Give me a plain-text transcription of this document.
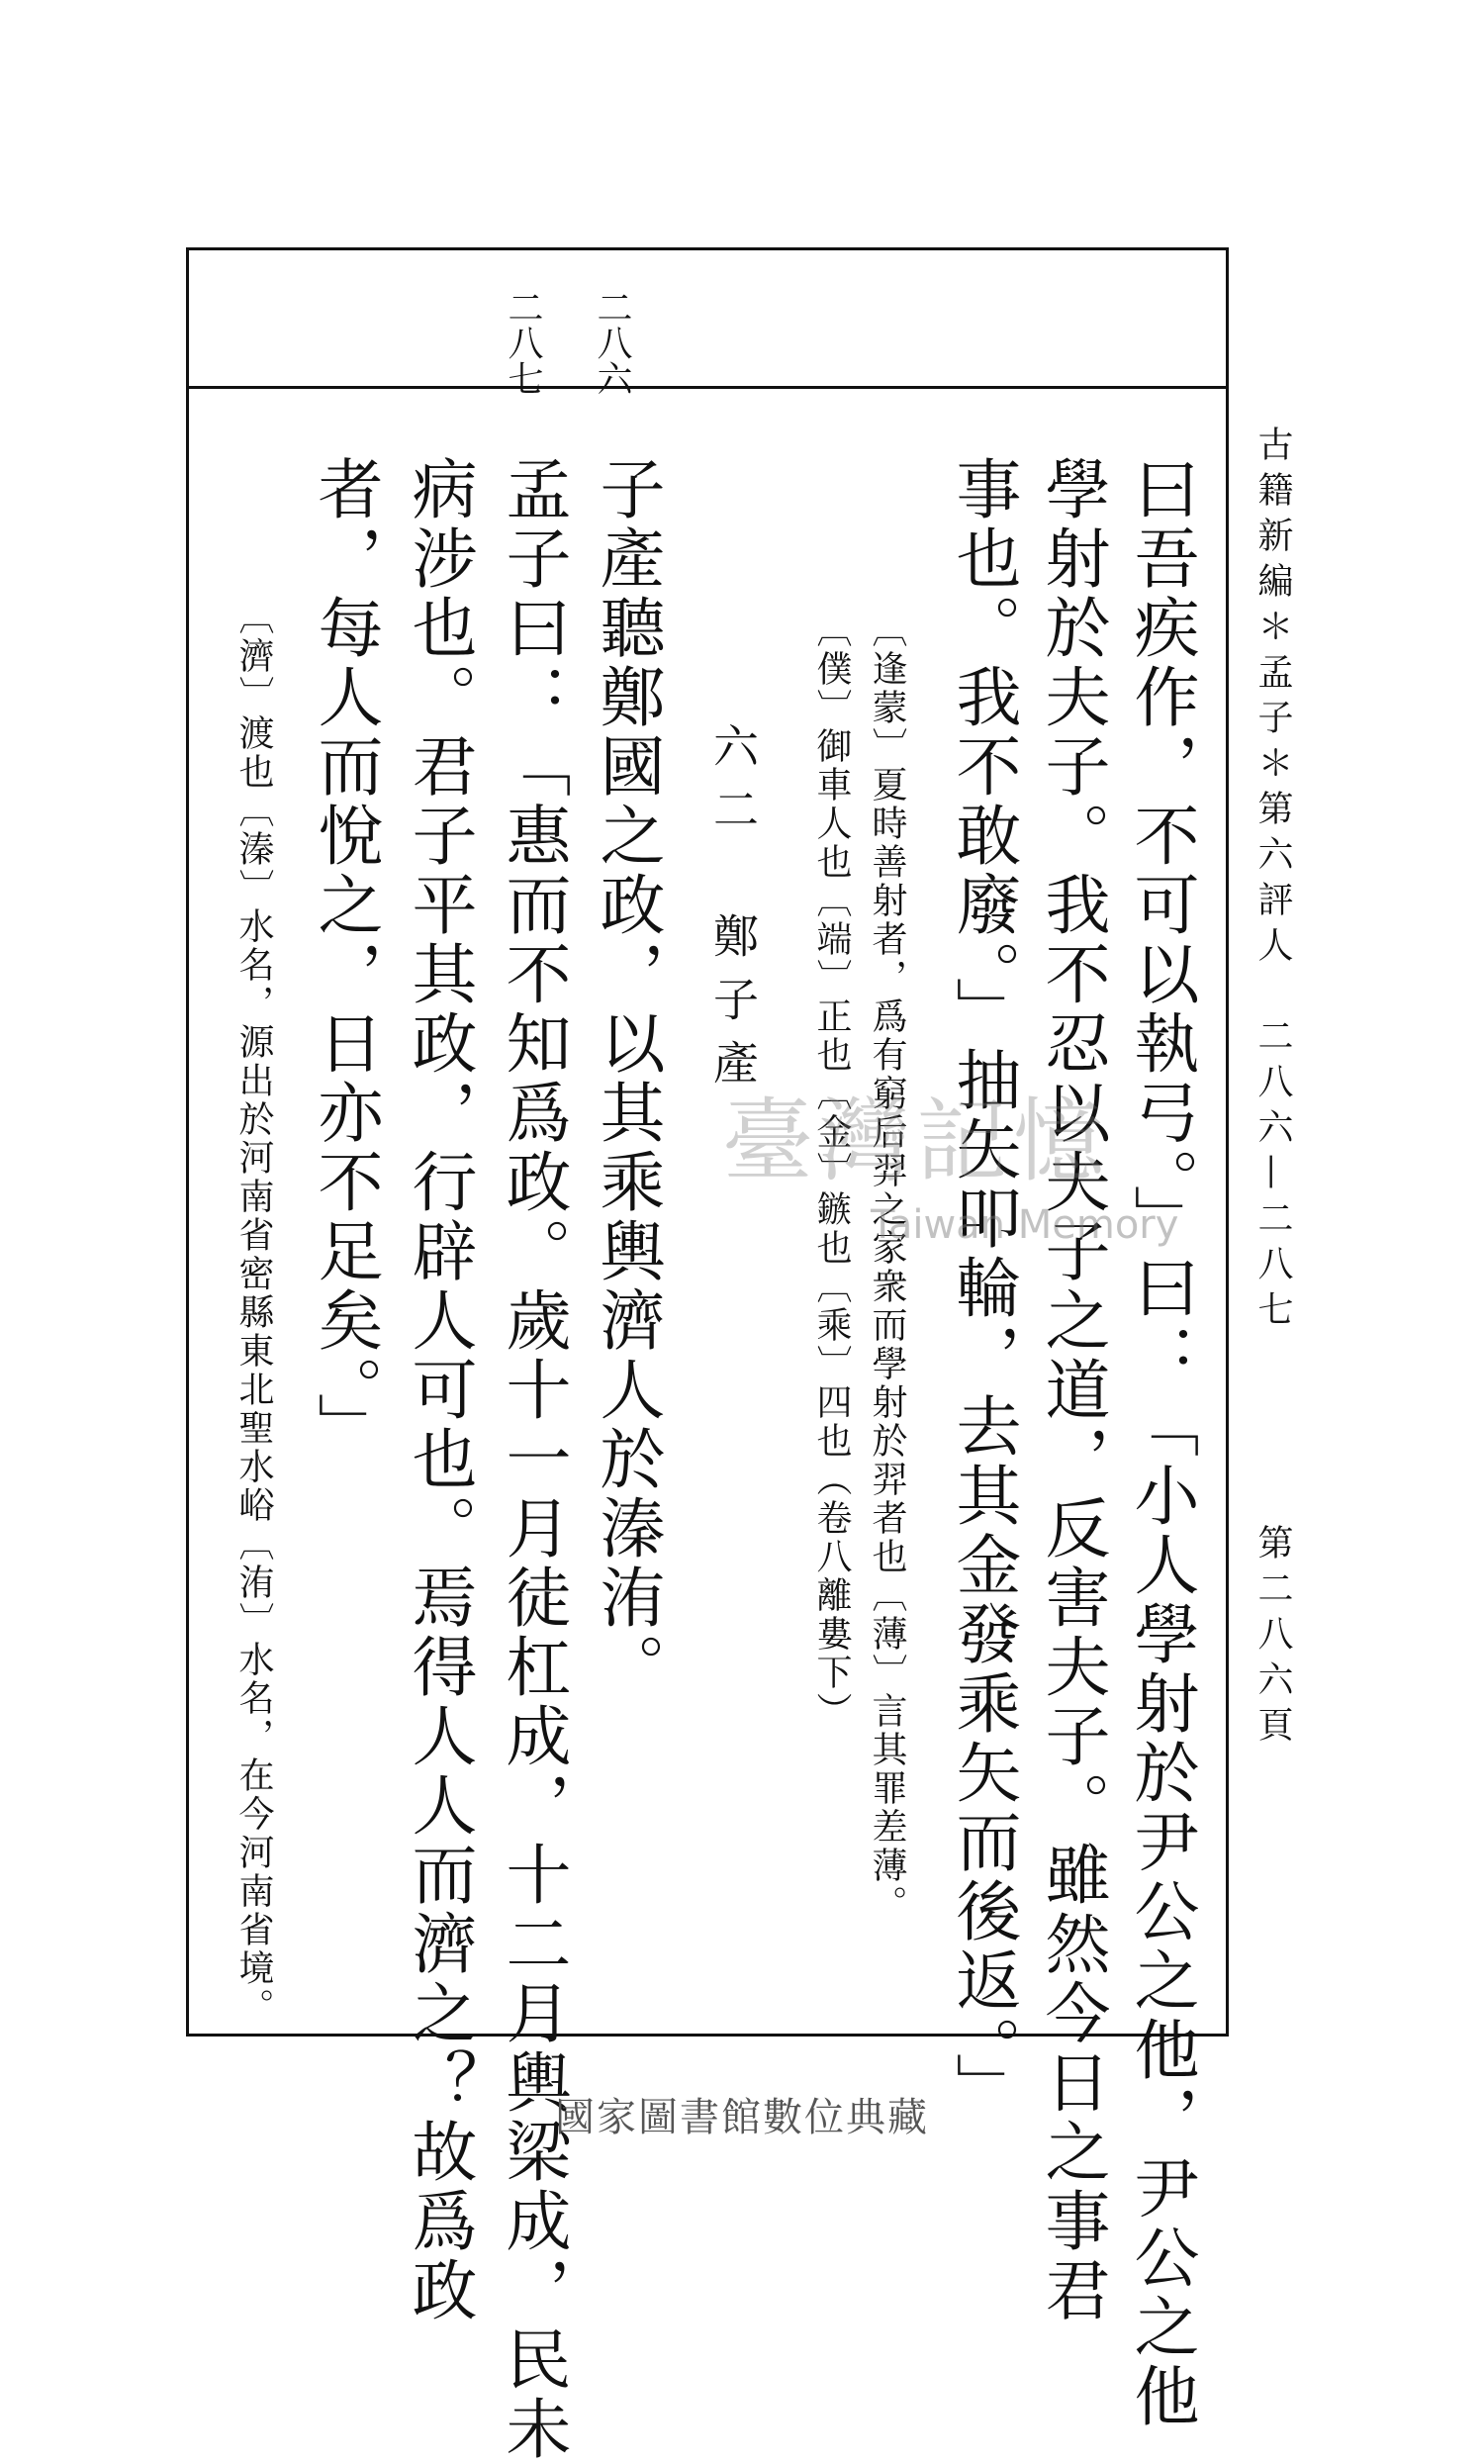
二八六
二八七
古籍新編＊孟子＊第六評人　二八六—二八七
第二八六頁
曰吾疾作，不可以執弓。」曰：「小人學射於尹公之他，尹公之他
學射於夫子。我不忍以夫子之道，反害夫子。雖然今日之事君
事也。我不敢廢。」抽矢叩輪，去其金發乘矢而後返。」
〔逢蒙〕夏時善射者，爲有窮后羿之家衆而學射於羿者也〔薄〕言其罪差薄。
〔僕〕御車人也〔端〕正也〔金〕鏃也〔乘〕四也（卷八離婁下）
六二　鄭子產
子產聽鄭國之政，以其乘輿濟人於溱洧。
孟子曰：「惠而不知爲政。歲十一月徒杠成，十二月輿梁成，民未
病涉也。君子平其政，行辟人可也。焉得人人而濟之？故爲政
者，每人而悅之，日亦不足矣。」
〔濟〕渡也〔溱〕水名，源出於河南省密縣東北聖水峪〔洧〕水名，在今河南省境。	臺灣記憶
Taiwan Memory
國家圖書館數位典藏
